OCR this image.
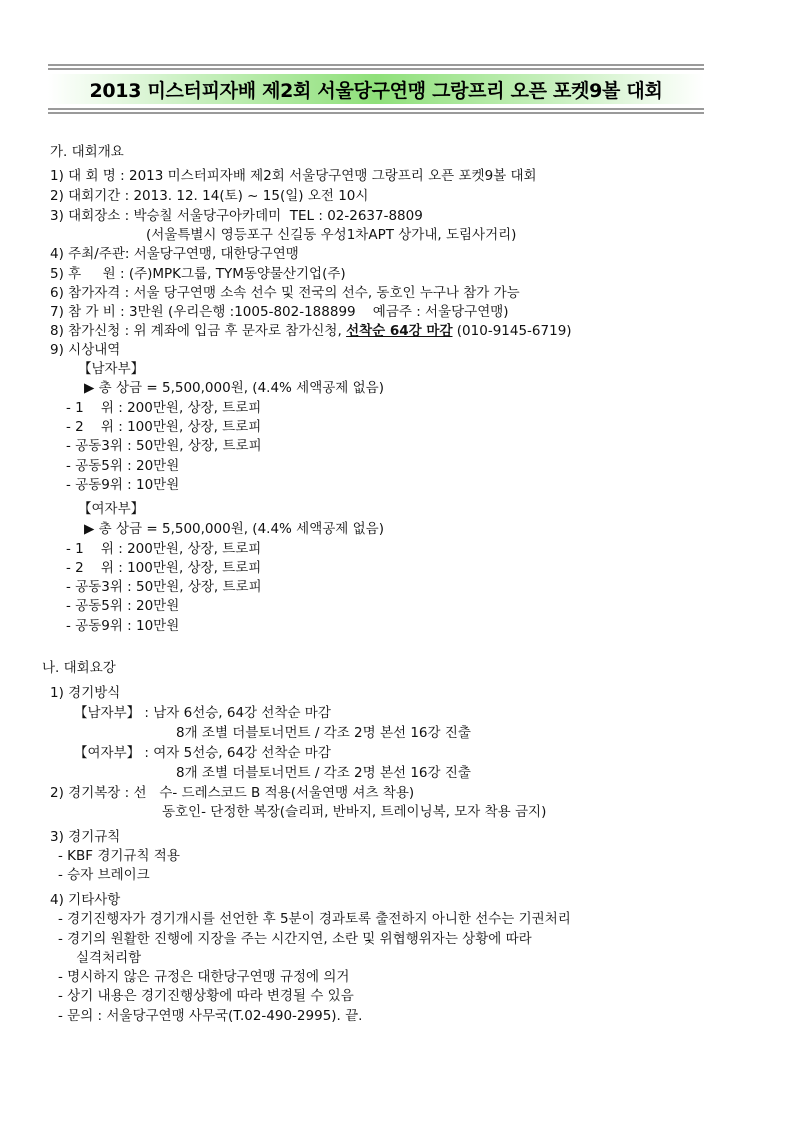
2013 미스터피자배 제2회 서울당구연맹 그랑프리 오픈 포켓9볼 대회
가. 대회개요
1) 대 회 명 : 2013 미스터피자배 제2회 서울당구연맹 그랑프리 오픈 포켓9볼 대회
2) 대회기간 : 2013. 12. 14(토) ~ 15(일) 오전 10시
3) 대회장소 : 박승칠 서울당구아카데미  TEL : 02-2637-8809
(서울특별시 영등포구 신길동 우성1차APT 상가내, 도림사거리)
4) 주최/주관: 서울당구연맹, 대한당구연맹
5) 후     원 : (주)MPK그룹, TYM동양물산기업(주)
6) 참가자격 : 서울 당구연맹 소속 선수 및 전국의 선수, 동호인 누구나 참가 가능
7) 참 가 비 : 3만원 (우리은행 :1005-802-188899    예금주 : 서울당구연맹)
8) 참가신청 : 위 계좌에 입금 후 문자로 참가신청, 선착순 64강 마감 (010-9145-6719)
9) 시상내역
【남자부】
▶ 총 상금 = 5,500,000원, (4.4% 세액공제 없음)
- 1    위 : 200만원, 상장, 트로피
- 2    위 : 100만원, 상장, 트로피
- 공동3위 : 50만원, 상장, 트로피
- 공동5위 : 20만원
- 공동9위 : 10만원
【여자부】
▶ 총 상금 = 5,500,000원, (4.4% 세액공제 없음)
- 1    위 : 200만원, 상장, 트로피
- 2    위 : 100만원, 상장, 트로피
- 공동3위 : 50만원, 상장, 트로피
- 공동5위 : 20만원
- 공동9위 : 10만원
나. 대회요강
1) 경기방식
【남자부】 : 남자 6선승, 64강 선착순 마감
8개 조별 더블토너먼트 / 각조 2명 본선 16강 진출
【여자부】 : 여자 5선승, 64강 선착순 마감
8개 조별 더블토너먼트 / 각조 2명 본선 16강 진출
2) 경기복장 : 선   수- 드레스코드 B 적용(서울연맹 셔츠 착용)
동호인- 단정한 복장(슬리퍼, 반바지, 트레이닝복, 모자 착용 금지)
3) 경기규칙
- KBF 경기규칙 적용
- 승자 브레이크
4) 기타사항
- 경기진행자가 경기개시를 선언한 후 5분이 경과토록 출전하지 아니한 선수는 기권처리
- 경기의 원활한 진행에 지장을 주는 시간지연, 소란 및 위협행위자는 상황에 따라
실격처리함
- 명시하지 않은 규정은 대한당구연맹 규정에 의거
- 상기 내용은 경기진행상황에 따라 변경될 수 있음
- 문의 : 서울당구연맹 사무국(T.02-490-2995). 끝.
